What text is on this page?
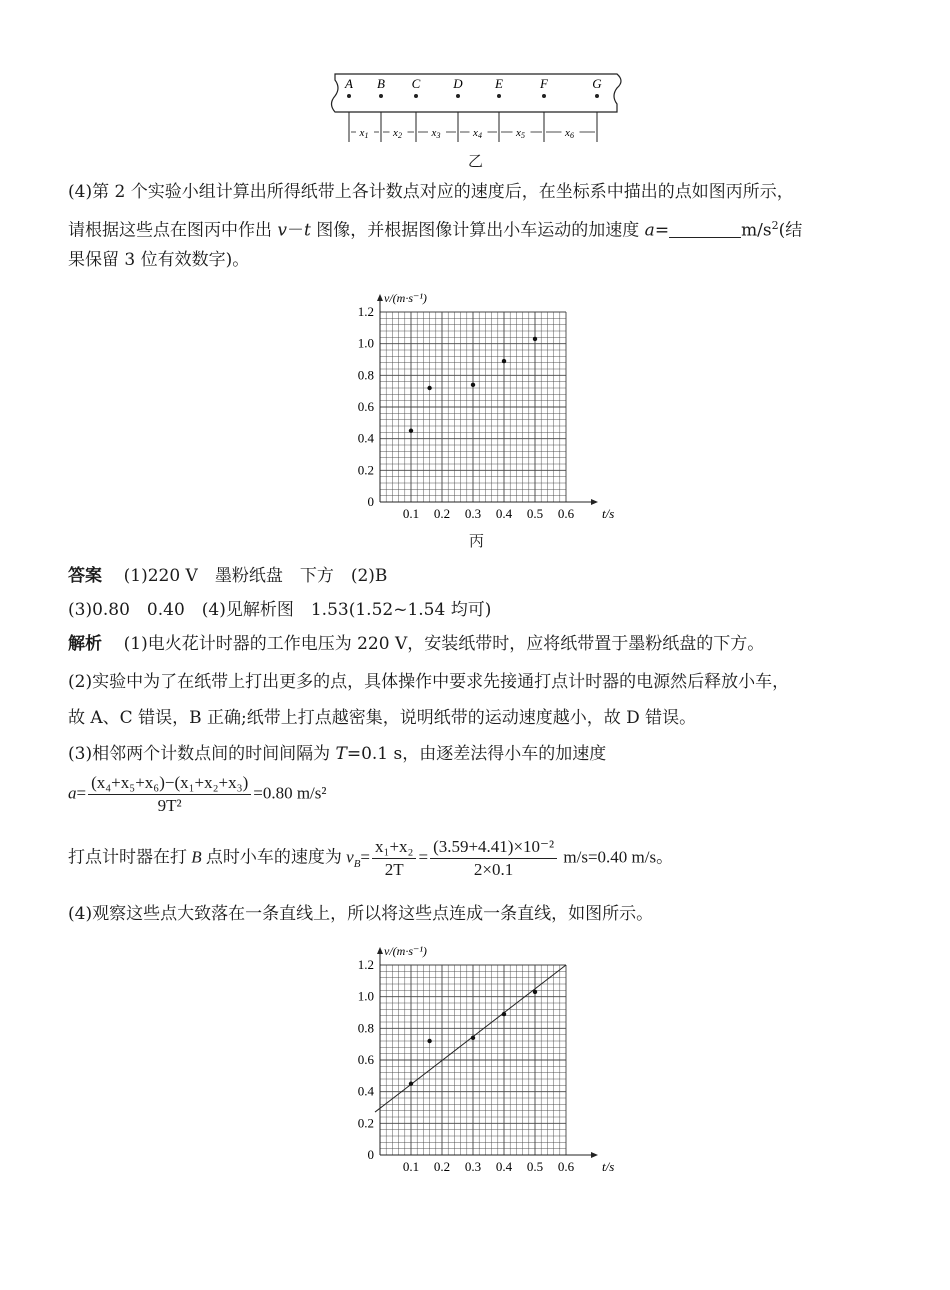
A B C	D E	F	G
x1 x2	x3	x4	x5	x6
乙
(4)第 2 个实验小组计算出所得纸带上各计数点对应的速度后，在坐标系中描出的点如图丙所示，
请根据这些点在图丙中作出 v－t 图像，并根据图像计算出小车运动的加速度 a=	$m/s^2$(结
果保留 3 位有效数字)。
0.1 0.2 0.3 0.4 0.5 0.6
0
0.2
0.4
0.6
0.8
1.0
1.2
t/s
v/(m·s⁻¹)
丙
答案 (1)220 V　墨粉纸盘　下方　(2)B
(3)0.80　0.40　(4)见解析图　1.53(1.52~1.54 均可)
解析 (1)电火花计时器的工作电压为 220 V，安装纸带时，应将纸带置于墨粉纸盘的下方。
(2)实验中为了在纸带上打出更多的点，具体操作中要求先接通打点计时器的电源然后释放小车，
故 A、C 错误，B 正确;纸带上打点越密集，说明纸带的运动速度越小，故 D 错误。
(3)相邻两个计数点间的时间间隔为 T=0.1 s，由逐差法得小车的加速度
$a= \frac{\text{(x₄+x₅+x₆)−(x₁+x₂+x₃)}}{\text{9T²}} =0.80$ m/s²
打点计时器在打 B 点时小车的速度为 $v_B= \frac{\text{x₁+x₂}}{2T} = \frac{\text{(3.59+4.41)×10⁻²}}{2\times 0.1} m/s=0.40$ m/s。
(4)观察这些点大致落在一条直线上，所以将这些点连成一条直线，如图所示。
0.1 0.2 0.3 0.4 0.5 0.6
0
0.2
0.4
0.6
0.8
1.0
1.2
t/s
v/(m·s⁻¹)
